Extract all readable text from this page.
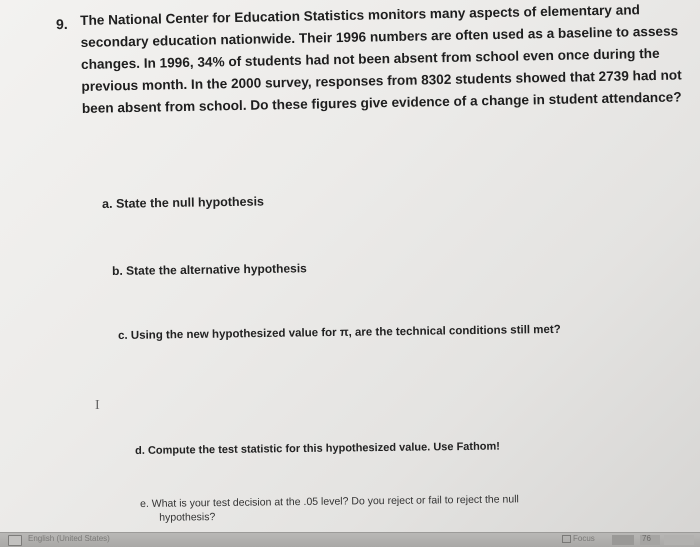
9. The National Center for Education Statistics monitors many aspects of elementary and
secondary education nationwide. Their 1996 numbers are often used as a baseline to assess
changes. In 1996, 34% of students had not been absent from school even once during the
previous month. In the 2000 survey, responses from 8302 students showed that 2739 had not
been absent from school. Do these figures give evidence of a change in student attendance?
a. State the null hypothesis
b. State the alternative hypothesis
c. Using the new hypothesized value for π, are the technical conditions still met?
I
d. Compute the test statistic for this hypothesized value. Use Fathom!
e. What is your test decision at the .05 level? Do you reject or fail to reject the null
hypothesis?
English (United States)	Focus	76
